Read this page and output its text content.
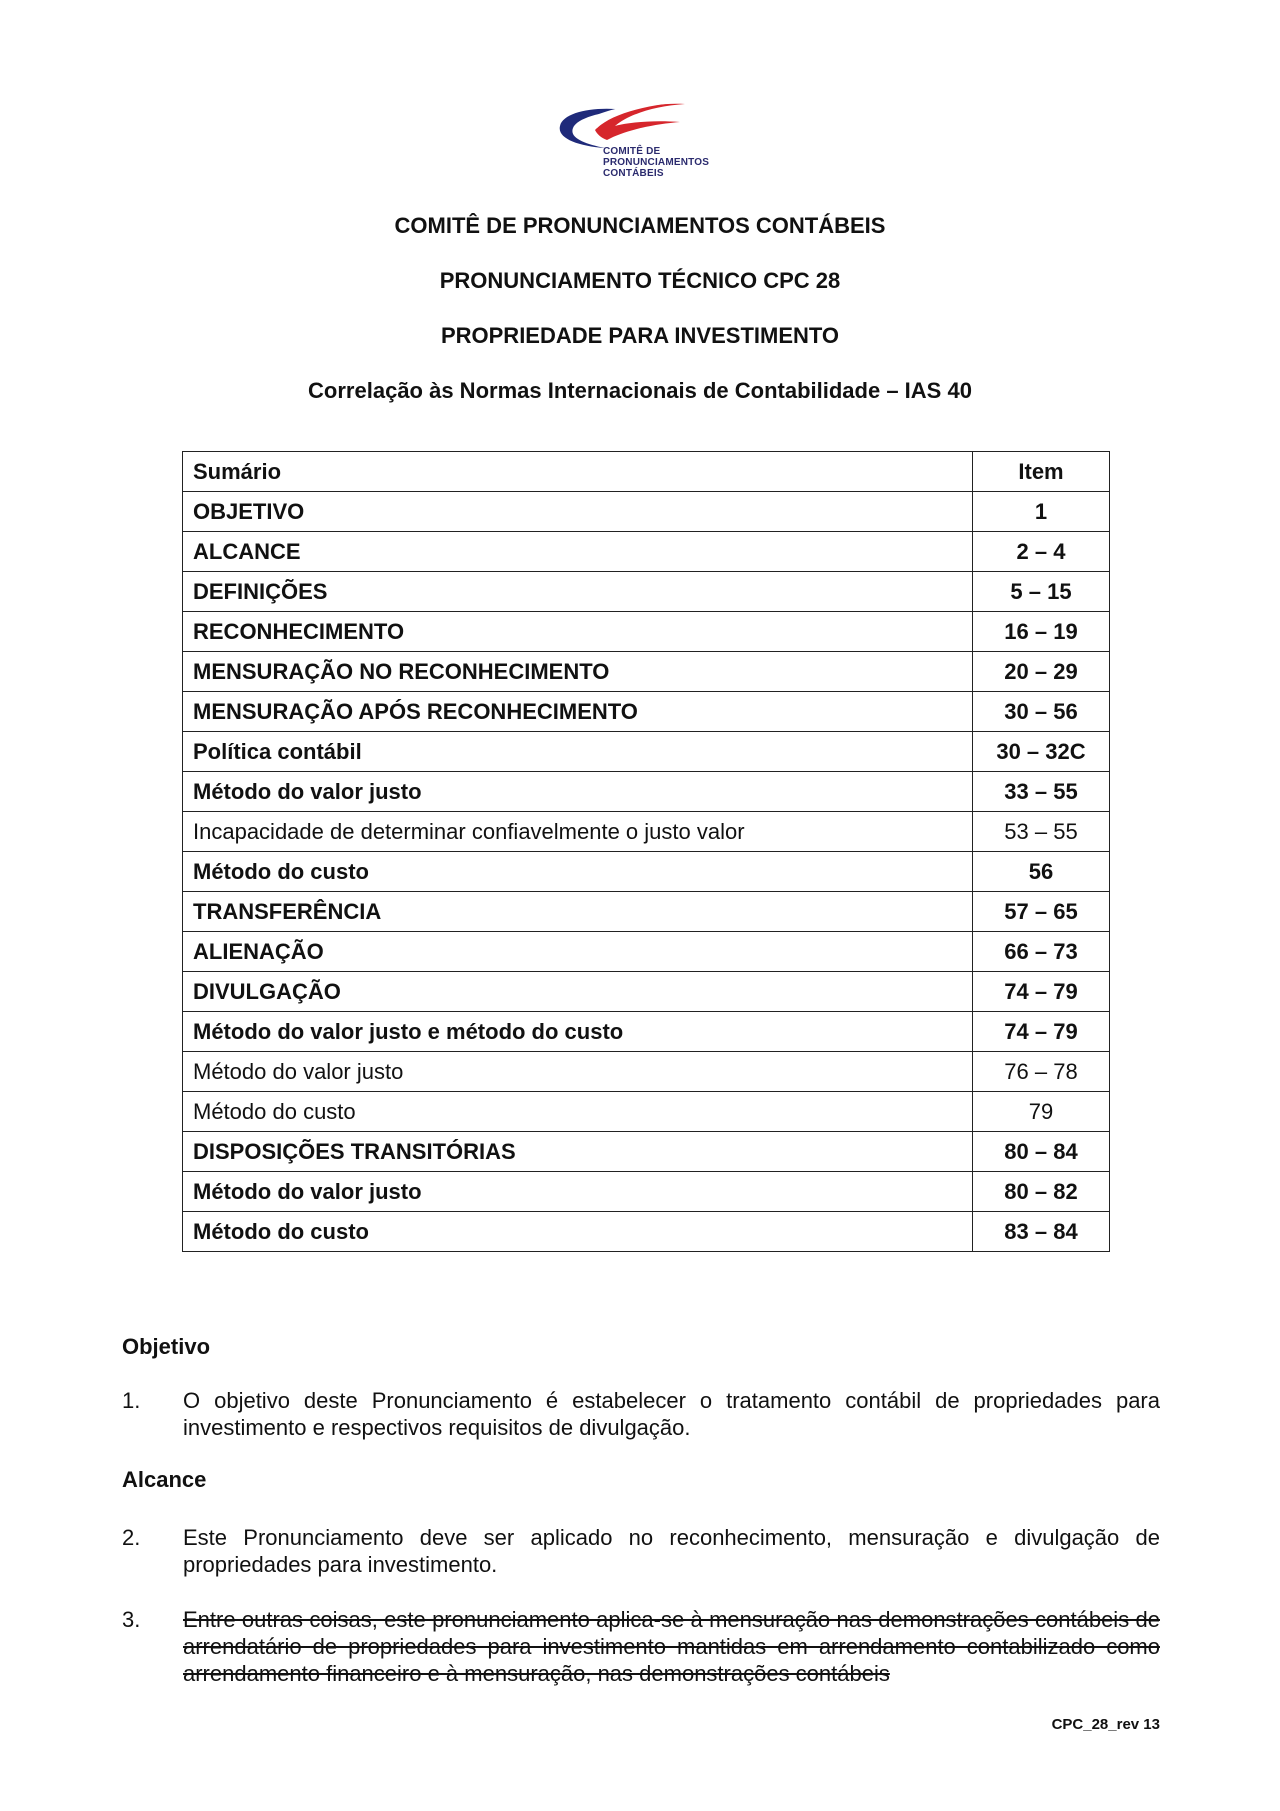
COMITÊ DE
PRONUNCIAMENTOS
CONTÁBEIS
COMITÊ DE PRONUNCIAMENTOS CONTÁBEIS
PRONUNCIAMENTO TÉCNICO CPC 28
PROPRIEDADE PARA INVESTIMENTO
Correlação às Normas Internacionais de Contabilidade – IAS 40
Sumário	Item
OBJETIVO	1
ALCANCE	2 – 4
DEFINIÇÕES	5 – 15
RECONHECIMENTO	16 – 19
MENSURAÇÃO NO RECONHECIMENTO	20 – 29
MENSURAÇÃO APÓS RECONHECIMENTO	30 – 56
Política contábil	30 – 32C
Método do valor justo	33 – 55
Incapacidade de determinar confiavelmente o justo valor	53 – 55
Método do custo	56
TRANSFERÊNCIA	57 – 65
ALIENAÇÃO	66 – 73
DIVULGAÇÃO	74 – 79
Método do valor justo e método do custo	74 – 79
Método do valor justo	76 – 78
Método do custo	79
DISPOSIÇÕES TRANSITÓRIAS	80 – 84
Método do valor justo	80 – 82
Método do custo	83 – 84
Objetivo
1.	O objetivo deste Pronunciamento é estabelecer o tratamento contábil de propriedades para investimento e respectivos requisitos de divulgação.
Alcance
2.	Este Pronunciamento deve ser aplicado no reconhecimento, mensuração e divulgação de propriedades para investimento.
3.	Entre outras coisas, este pronunciamento aplica-se à mensuração nas demonstrações contábeis de arrendatário de propriedades para investimento mantidas em arrendamento contabilizado como arrendamento financeiro e à mensuração, nas demonstrações contábeis
CPC_28_rev 13
